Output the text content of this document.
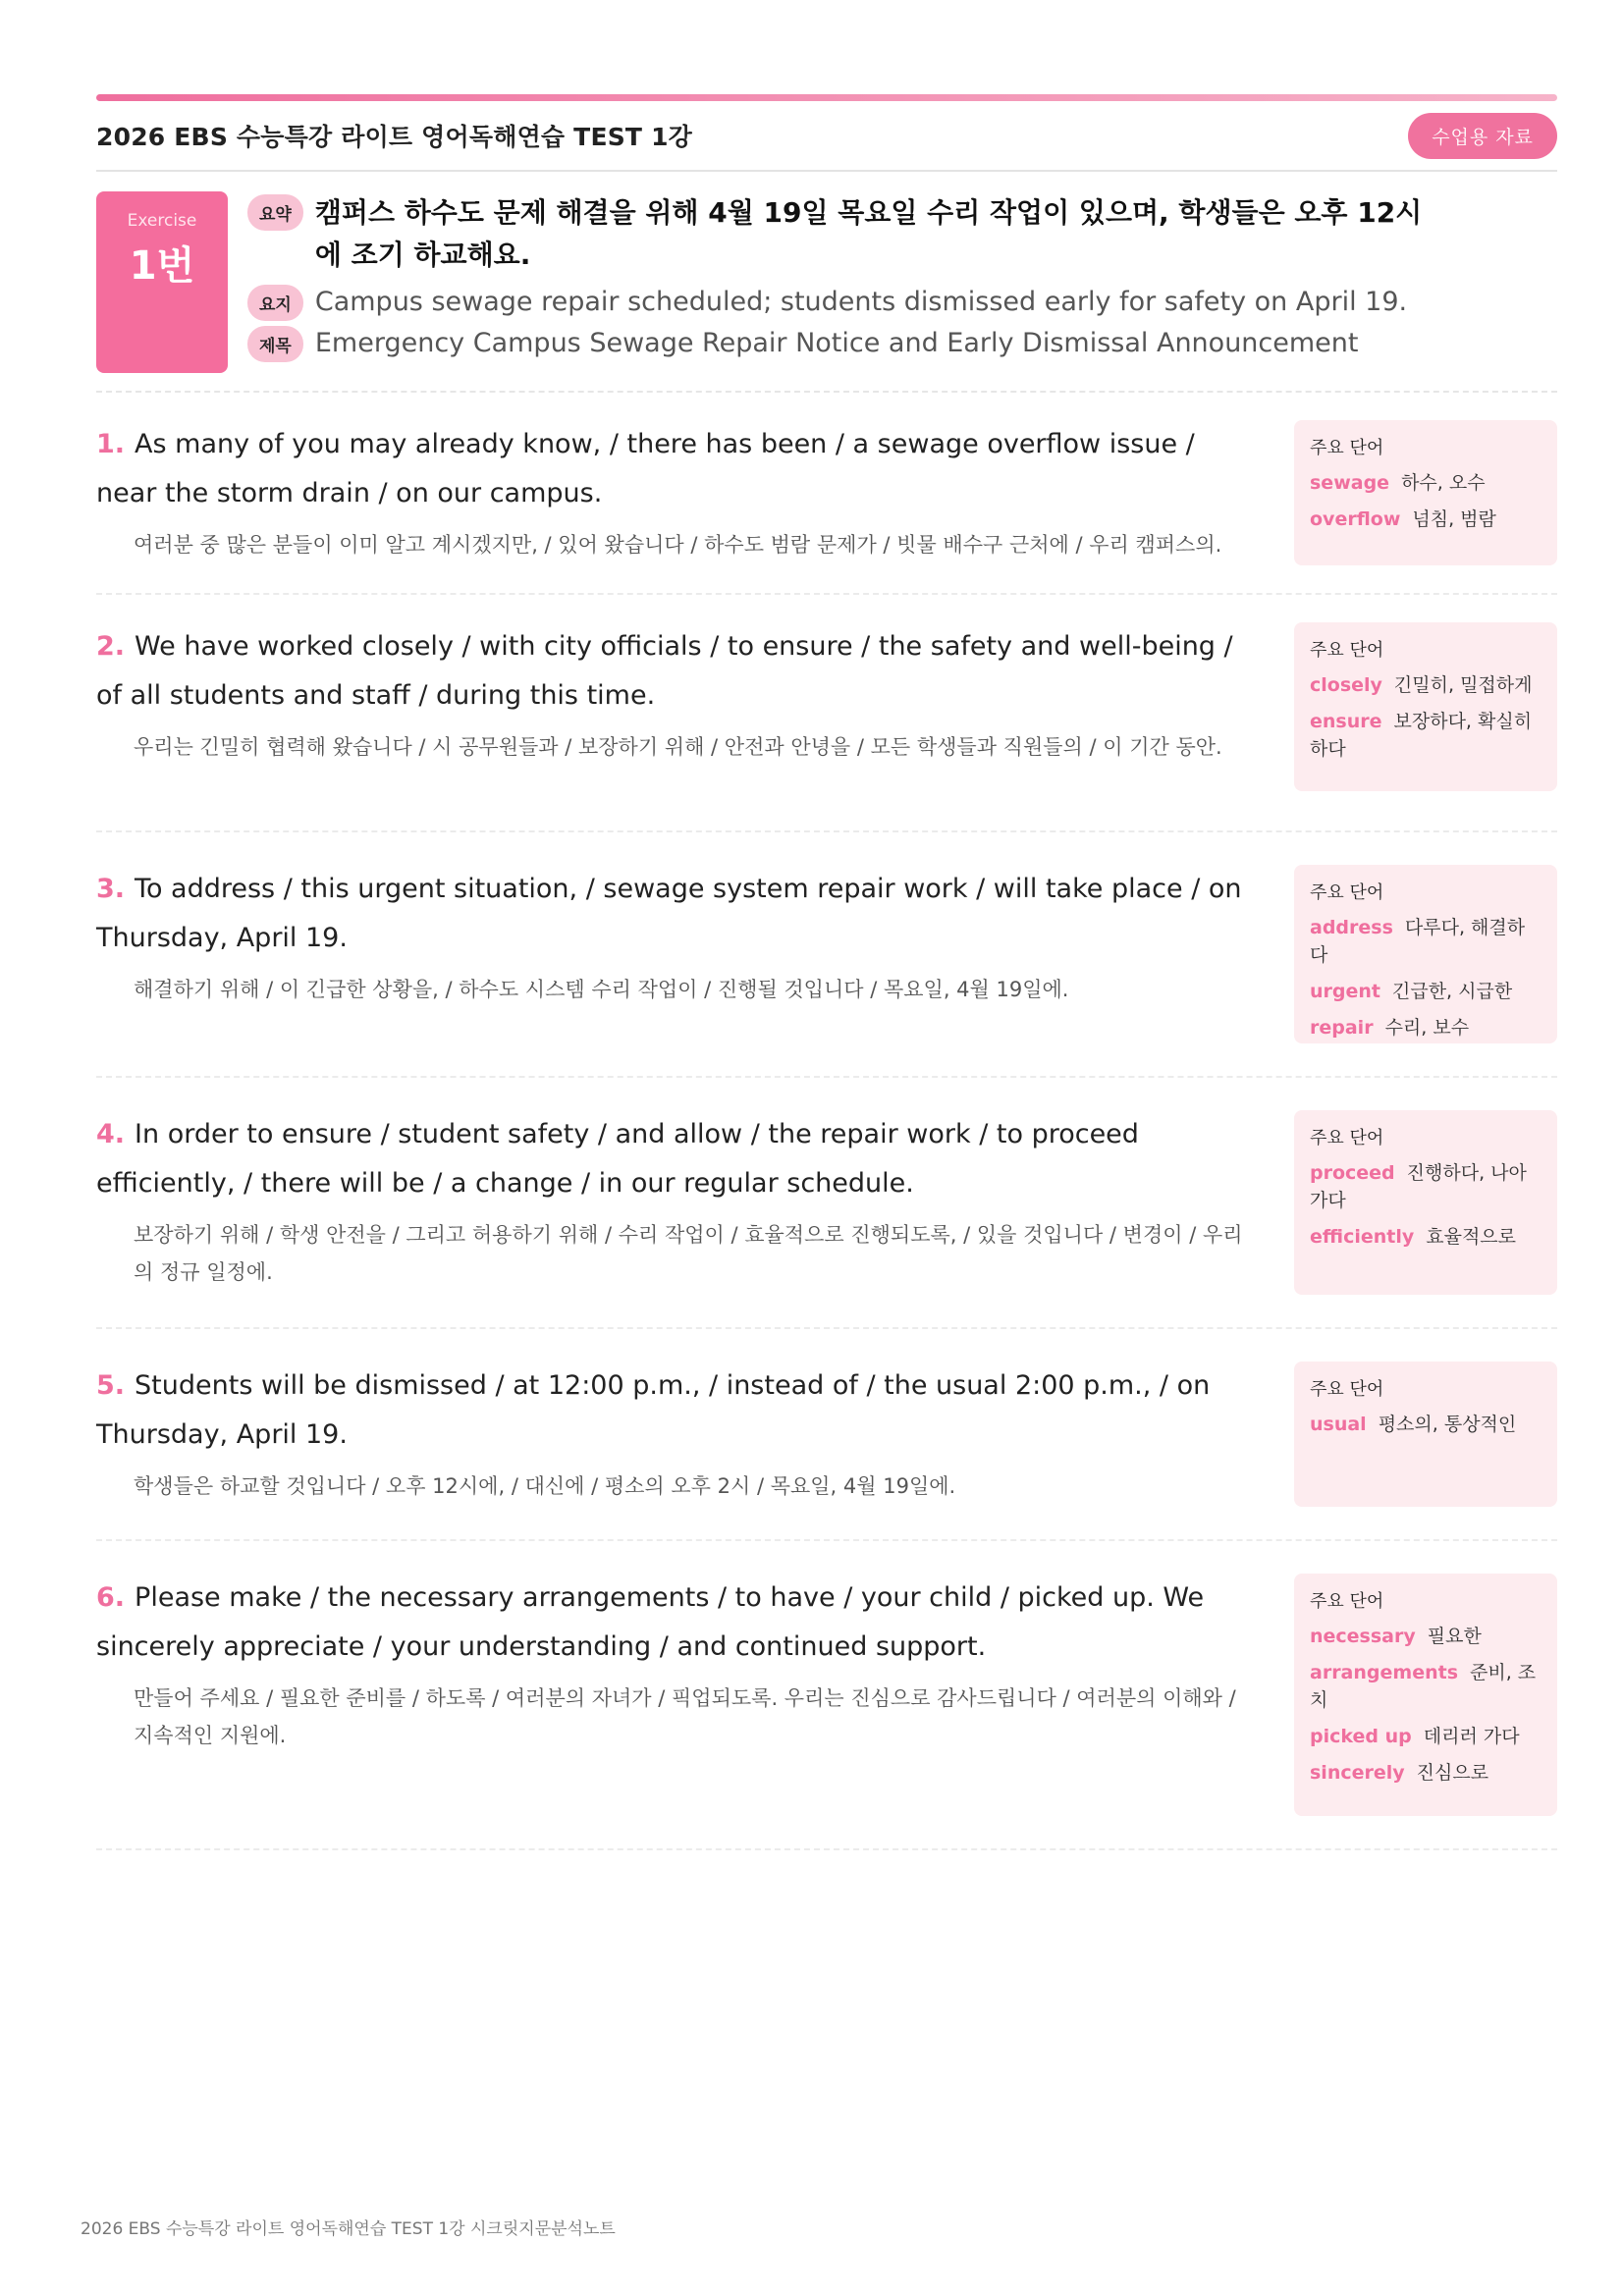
2026 EBS 수능특강 라이트 영어독해연습 TEST 1강	수업용 자료
Exercise
1번
요약 캠퍼스 하수도 문제 해결을 위해 4월 19일 목요일 수리 작업이 있으며, 학생들은 오후 12시에 조기 하교해요.
요지 Campus sewage repair scheduled; students dismissed early for safety on April 19.
제목 Emergency Campus Sewage Repair Notice and Early Dismissal Announcement

1. As many of you may already know, / there has been / a sewage overflow issue / near the storm drain / on our campus.

여러분 중 많은 분들이 이미 알고 계시겠지만, / 있어 왔습니다 / 하수도 범람 문제가 / 빗물 배수구 근처에 / 우리 캠퍼스의.

주요 단어
sewage 하수, 오수
overflow 넘침, 범람

2. We have worked closely / with city officials / to ensure / the safety and well-being / of all students and staff / during this time.

우리는 긴밀히 협력해 왔습니다 / 시 공무원들과 / 보장하기 위해 / 안전과 안녕을 / 모든 학생들과 직원들의 / 이 기간 동안.

주요 단어
closely 긴밀히, 밀접하게
ensure 보장하다, 확실히 하다

3. To address / this urgent situation, / sewage system repair work / will take place / on Thursday, April 19.

해결하기 위해 / 이 긴급한 상황을, / 하수도 시스템 수리 작업이 / 진행될 것입니다 / 목요일, 4월 19일에.

주요 단어
address 다루다, 해결하다
urgent 긴급한, 시급한
repair 수리, 보수

4. In order to ensure / student safety / and allow / the repair work / to proceed efficiently, / there will be / a change / in our regular schedule.

보장하기 위해 / 학생 안전을 / 그리고 허용하기 위해 / 수리 작업이 / 효율적으로 진행되도록, / 있을 것입니다 / 변경이 / 우리의 정규 일정에.

주요 단어
proceed 진행하다, 나아가다
efficiently 효율적으로

5. Students will be dismissed / at 12:00 p.m., / instead of / the usual 2:00 p.m., / on Thursday, April 19.

학생들은 하교할 것입니다 / 오후 12시에, / 대신에 / 평소의 오후 2시 / 목요일, 4월 19일에.

주요 단어
usual 평소의, 통상적인

6. Please make / the necessary arrangements / to have / your child / picked up. We sincerely appreciate / your understanding / and continued support.

만들어 주세요 / 필요한 준비를 / 하도록 / 여러분의 자녀가 / 픽업되도록. 우리는 진심으로 감사드립니다 / 여러분의 이해와 / 지속적인 지원에.

주요 단어
necessary 필요한
arrangements 준비, 조치
picked up 데리러 가다
sincerely 진심으로
2026 EBS 수능특강 라이트 영어독해연습 TEST 1강 시크릿지문분석노트
